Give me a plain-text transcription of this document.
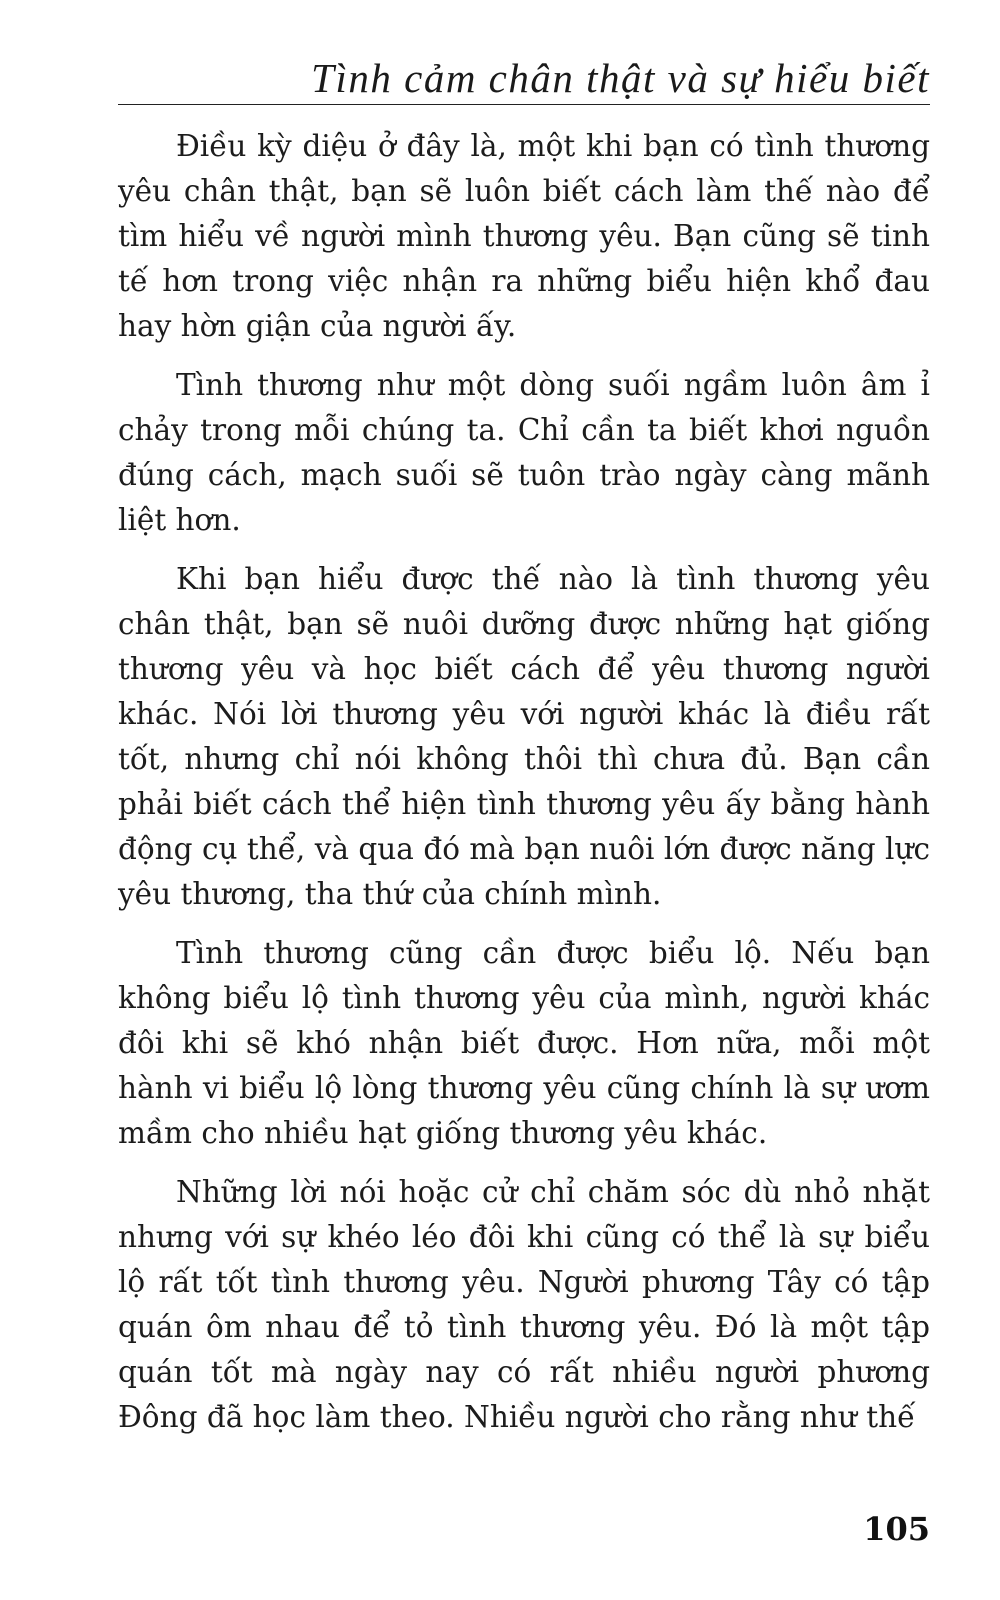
Tình cảm chân thật và sự hiểu biết

Điều kỳ diệu ở đây là, một khi bạn có tình thương yêu chân thật, bạn sẽ luôn biết cách làm thế nào để tìm hiểu về người mình thương yêu. Bạn cũng sẽ tinh tế hơn trong việc nhận ra những biểu hiện khổ đau hay hờn giận của người ấy.

Tình thương như một dòng suối ngầm luôn âm ỉ chảy trong mỗi chúng ta. Chỉ cần ta biết khơi nguồn đúng cách, mạch suối sẽ tuôn trào ngày càng mãnh liệt hơn.

Khi bạn hiểu được thế nào là tình thương yêu chân thật, bạn sẽ nuôi dưỡng được những hạt giống thương yêu và học biết cách để yêu thương người khác. Nói lời thương yêu với người khác là điều rất tốt, nhưng chỉ nói không thôi thì chưa đủ. Bạn cần phải biết cách thể hiện tình thương yêu ấy bằng hành động cụ thể, và qua đó mà bạn nuôi lớn được năng lực yêu thương, tha thứ của chính mình.

Tình thương cũng cần được biểu lộ. Nếu bạn không biểu lộ tình thương yêu của mình, người khác đôi khi sẽ khó nhận biết được. Hơn nữa, mỗi một hành vi biểu lộ lòng thương yêu cũng chính là sự ươm mầm cho nhiều hạt giống thương yêu khác.

Những lời nói hoặc cử chỉ chăm sóc dù nhỏ nhặt nhưng với sự khéo léo đôi khi cũng có thể là sự biểu lộ rất tốt tình thương yêu. Người phương Tây có tập quán ôm nhau để tỏ tình thương yêu. Đó là một tập quán tốt mà ngày nay có rất nhiều người phương Đông đã học làm theo. Nhiều người cho rằng như thế

105
